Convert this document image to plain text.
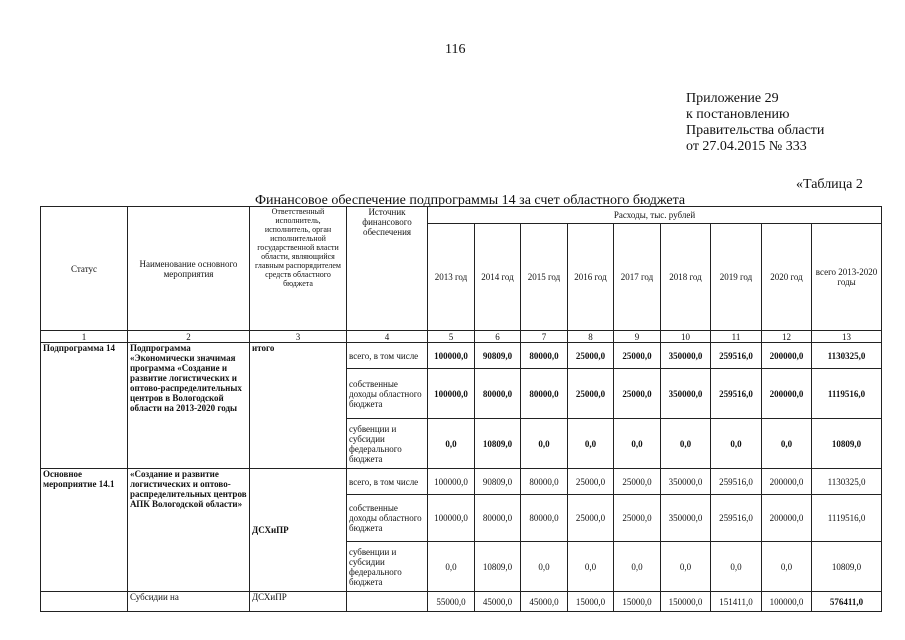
116
Приложение 29
к постановлению
Правительства области
от 27.04.2015 № 333
«Таблица 2
Финансовое обеспечение подпрограммы 14 за счет областного бюджета
Статус	Наименование основного мероприятия	Ответственный исполнитель, исполнитель, орган исполнительной государственной власти области, являющийся главным распорядителем средств областного бюджета	Источник финансового обеспечения	Расходы, тыс. рублей								
				2013 год	2014 год	2015 год	2016 год	2017 год	2018 год	2019 год	2020 год	всего 2013-2020 годы
1	2	3	4	5	6	7	8	9	10	11	12	13
Подпрограмма 14	Подпрограмма «Экономически значимая программа «Создание и развитие логистических и оптово-распределительных центров в Вологодской области на 2013-2020 годы	итого	всего, в том числе	100000,0	90809,0	80000,0	25000,0	25000,0	350000,0	259516,0	200000,0	1130325,0
			собственные доходы областного бюджета	100000,0	80000,0	80000,0	25000,0	25000,0	350000,0	259516,0	200000,0	1119516,0
			субвенции и субсидии федерального бюджета	0,0	10809,0	0,0	0,0	0,0	0,0	0,0	0,0	10809,0
Основное мероприятие 14.1	«Создание и развитие логистических и оптово-распределительных центров АПК Вологодской области»	ДСХиПР	всего, в том числе	100000,0	90809,0	80000,0	25000,0	25000,0	350000,0	259516,0	200000,0	1130325,0
			собственные доходы областного бюджета	100000,0	80000,0	80000,0	25000,0	25000,0	350000,0	259516,0	200000,0	1119516,0
			субвенции и субсидии федерального бюджета	0,0	10809,0	0,0	0,0	0,0	0,0	0,0	0,0	10809,0
	Субсидии на	ДСХиПР		55000,0	45000,0	45000,0	15000,0	15000,0	150000,0	151411,0	100000,0	576411,0
